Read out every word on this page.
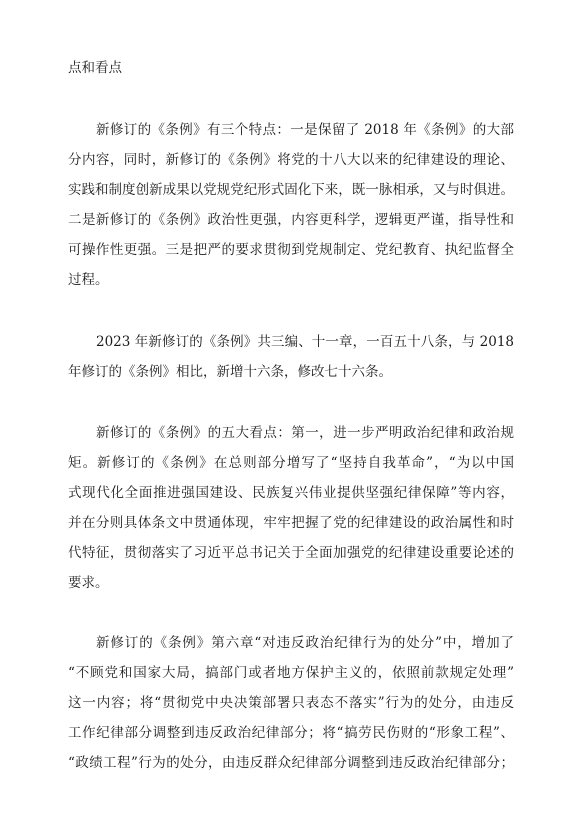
点和看点
新修订的《条例》有三个特点：一是保留了 2018 年《条例》的大部
分内容，同时，新修订的《条例》将党的十八大以来的纪律建设的理论、
实践和制度创新成果以党规党纪形式固化下来，既一脉相承，又与时俱进。
二是新修订的《条例》政治性更强，内容更科学，逻辑更严谨，指导性和
可操作性更强。三是把严的要求贯彻到党规制定、党纪教育、执纪监督全
过程。
2023 年新修订的《条例》共三编、十一章，一百五十八条，与 2018
年修订的《条例》相比，新增十六条，修改七十六条。
新修订的《条例》的五大看点：第一，进一步严明政治纪律和政治规
矩。新修订的《条例》在总则部分增写了“坚持自我革命”，“为以中国
式现代化全面推进强国建设、民族复兴伟业提供坚强纪律保障”等内容，
并在分则具体条文中贯通体现，牢牢把握了党的纪律建设的政治属性和时
代特征，贯彻落实了习近平总书记关于全面加强党的纪律建设重要论述的
要求。
新修订的《条例》第六章“对违反政治纪律行为的处分”中，增加了
“不顾党和国家大局，搞部门或者地方保护主义的，依照前款规定处理”
这一内容；将“贯彻党中央决策部署只表态不落实”行为的处分，由违反
工作纪律部分调整到违反政治纪律部分；将“搞劳民伤财的“形象工程”、
“政绩工程”行为的处分，由违反群众纪律部分调整到违反政治纪律部分；
